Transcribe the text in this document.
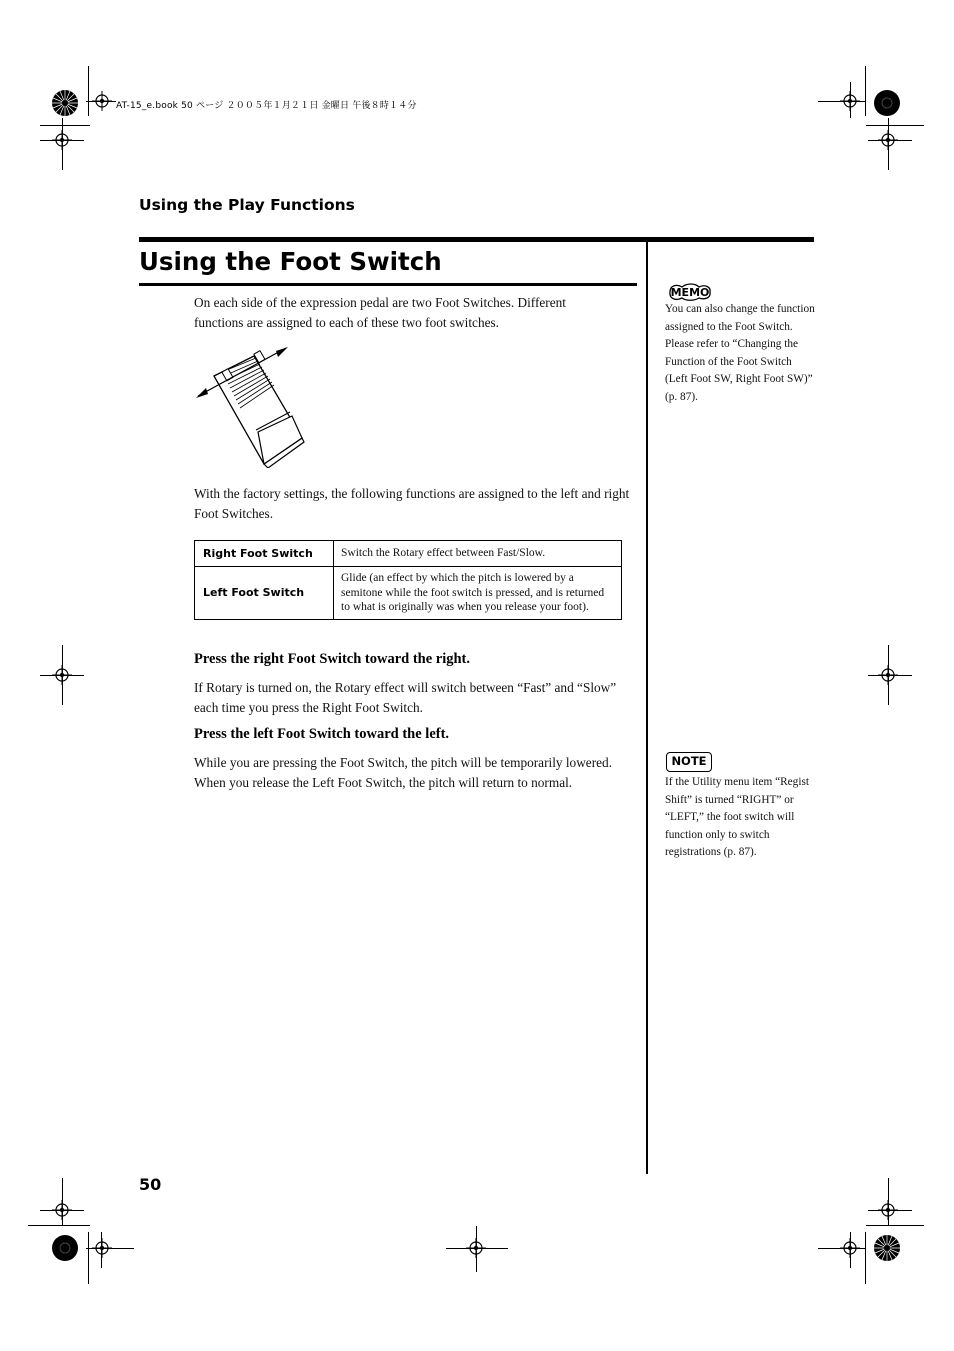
AT-15_e.book 50 ページ ２００５年１月２１日 金曜日 午後８時１４分
Using the Play Functions
Using the Foot Switch
On each side of the expression pedal are two Foot Switches. Different functions are assigned to each of these two foot switches.
With the factory settings, the following functions are assigned to the left and right Foot Switches.
Right Foot Switch	Switch the Rotary effect between Fast/Slow.
Left Foot Switch	Glide (an effect by which the pitch is lowered by a semitone while the foot switch is pressed, and is returned to what is originally was when you release your foot).
Press the right Foot Switch toward the right.
If Rotary is turned on, the Rotary effect will switch between “Fast” and “Slow” each time you press the Right Foot Switch.
Press the left Foot Switch toward the left.
While you are pressing the Foot Switch, the pitch will be temporarily lowered. When you release the Left Foot Switch, the pitch will return to normal.
MEMO
You can also change the function assigned to the Foot Switch. Please refer to “Changing the Function of the Foot Switch (Left Foot SW, Right Foot SW)” (p. 87).
NOTE
If the Utility menu item “Regist Shift” is turned “RIGHT” or “LEFT,” the foot switch will function only to switch registrations (p. 87).
50
